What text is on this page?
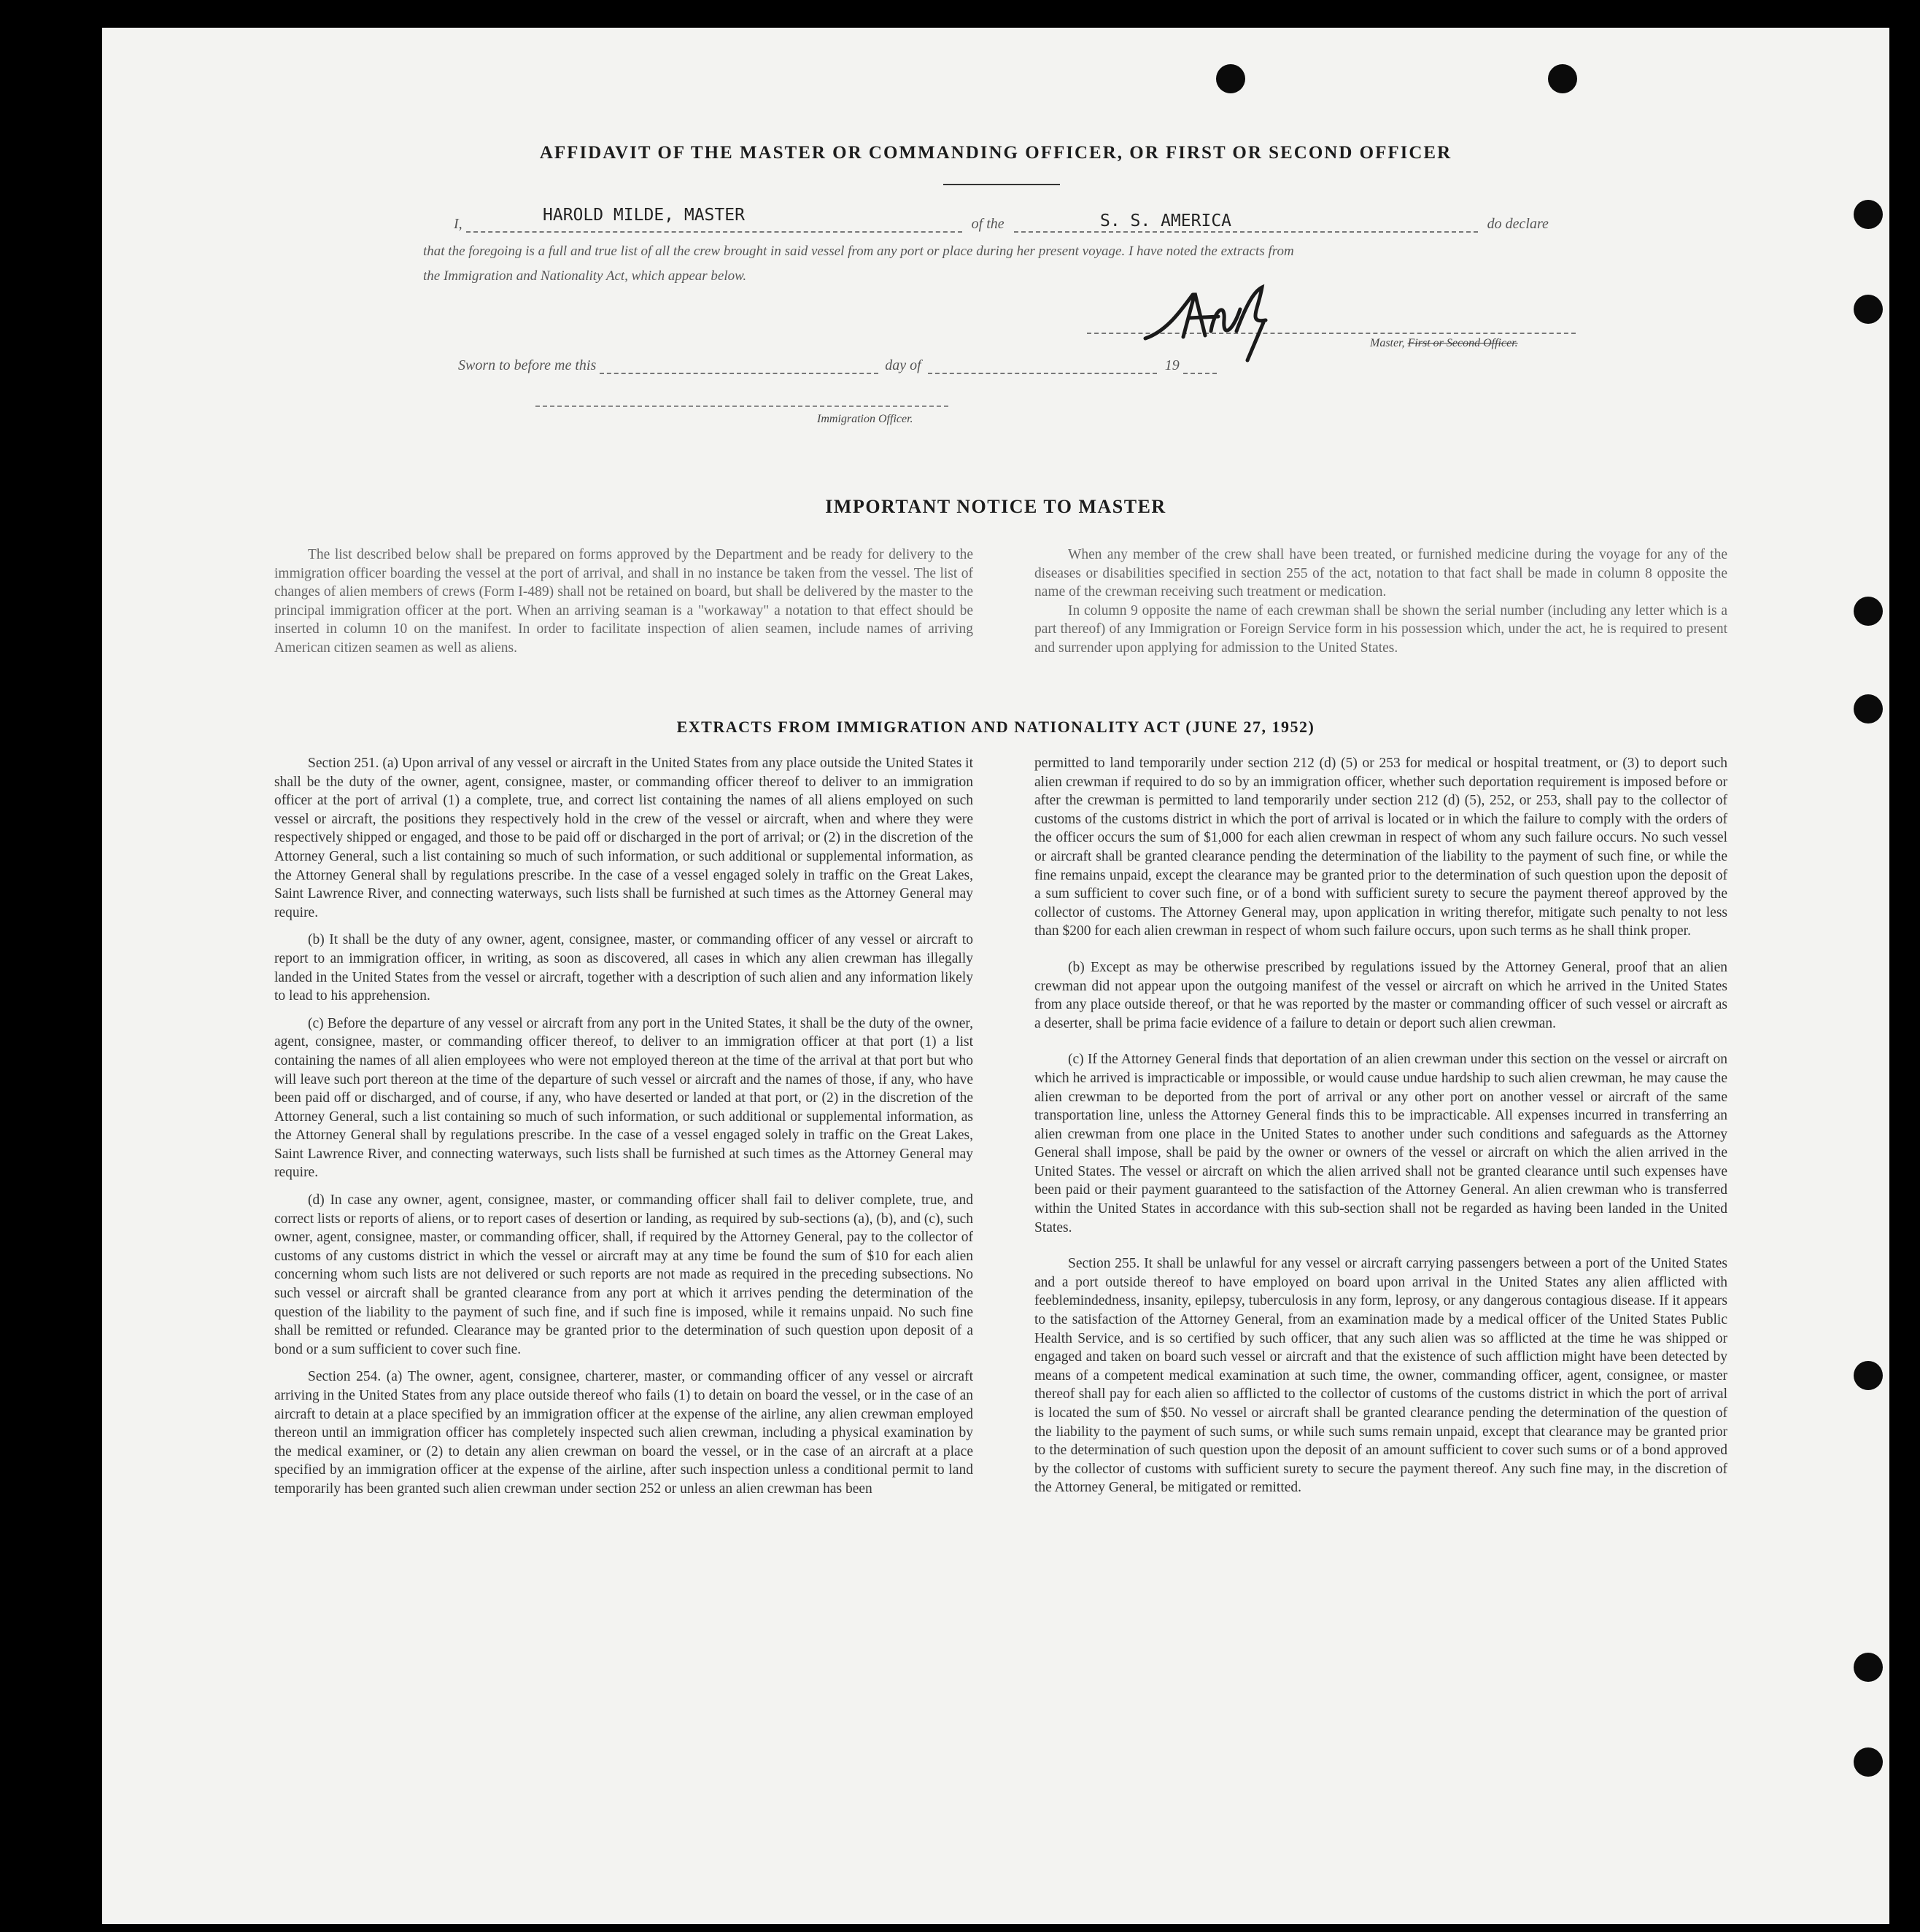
AFFIDAVIT OF THE MASTER OR COMMANDING OFFICER, OR FIRST OR SECOND OFFICER
I,	of the	do declare
HAROLD MILDE, MASTER	S. S. AMERICA
that the foregoing is a full and true list of all the crew brought in said vessel from any port or place during her present voyage. I have noted the extracts from
the Immigration and Nationality Act, which appear below.
Master, First or Second Officer.
Sworn to before me this	day of	19
Immigration Officer.
IMPORTANT NOTICE TO MASTER

The list described below shall be prepared on forms approved by the Department and be ready for delivery to the immigration officer boarding the vessel at the port of arrival, and shall in no instance be taken from the vessel. The list of changes of alien members of crews (Form I-489) shall not be retained on board, but shall be delivered by the master to the principal immigration officer at the port. When an arriving seaman is a "workaway" a notation to that effect should be inserted in column 10 on the manifest. In order to facilitate inspection of alien seamen, include names of arriving American citizen seamen as well as aliens.

When any member of the crew shall have been treated, or furnished medicine during the voyage for any of the diseases or disabilities specified in section 255 of the act, notation to that fact shall be made in column 8 opposite the name of the crewman receiving such treatment or medication.

In column 9 opposite the name of each crewman shall be shown the serial number (including any letter which is a part thereof) of any Immigration or Foreign Service form in his possession which, under the act, he is required to present and surrender upon applying for admission to the United States.

EXTRACTS FROM IMMIGRATION AND NATIONALITY ACT (JUNE 27, 1952)

Section 251. (a) Upon arrival of any vessel or aircraft in the United States from any place outside the United States it shall be the duty of the owner, agent, consignee, master, or commanding officer thereof to deliver to an immigration officer at the port of arrival (1) a complete, true, and correct list containing the names of all aliens employed on such vessel or aircraft, the positions they respectively hold in the crew of the vessel or aircraft, when and where they were respectively shipped or engaged, and those to be paid off or discharged in the port of arrival; or (2) in the discretion of the Attorney General, such a list containing so much of such information, or such additional or supplemental information, as the Attorney General shall by regulations prescribe. In the case of a vessel engaged solely in traffic on the Great Lakes, Saint Lawrence River, and connecting waterways, such lists shall be furnished at such times as the Attorney General may require.

(b) It shall be the duty of any owner, agent, consignee, master, or commanding officer of any vessel or aircraft to report to an immigration officer, in writing, as soon as discovered, all cases in which any alien crewman has illegally landed in the United States from the vessel or aircraft, together with a description of such alien and any information likely to lead to his apprehension.

(c) Before the departure of any vessel or aircraft from any port in the United States, it shall be the duty of the owner, agent, consignee, master, or commanding officer thereof, to deliver to an immigration officer at that port (1) a list containing the names of all alien employees who were not employed thereon at the time of the arrival at that port but who will leave such port thereon at the time of the departure of such vessel or aircraft and the names of those, if any, who have been paid off or discharged, and of course, if any, who have deserted or landed at that port, or (2) in the discretion of the Attorney General, such a list containing so much of such information, or such additional or supplemental information, as the Attorney General shall by regulations prescribe. In the case of a vessel engaged solely in traffic on the Great Lakes, Saint Lawrence River, and connecting waterways, such lists shall be furnished at such times as the Attorney General may require.

(d) In case any owner, agent, consignee, master, or commanding officer shall fail to deliver complete, true, and correct lists or reports of aliens, or to report cases of desertion or landing, as required by sub-sections (a), (b), and (c), such owner, agent, consignee, master, or commanding officer, shall, if required by the Attorney General, pay to the collector of customs of any customs district in which the vessel or aircraft may at any time be found the sum of $10 for each alien concerning whom such lists are not delivered or such reports are not made as required in the preceding subsections. No such vessel or aircraft shall be granted clearance from any port at which it arrives pending the determination of the question of the liability to the payment of such fine, and if such fine is imposed, while it remains unpaid. No such fine shall be remitted or refunded. Clearance may be granted prior to the determination of such question upon deposit of a bond or a sum sufficient to cover such fine.

Section 254. (a) The owner, agent, consignee, charterer, master, or commanding officer of any vessel or aircraft arriving in the United States from any place outside thereof who fails (1) to detain on board the vessel, or in the case of an aircraft to detain at a place specified by an immigration officer at the expense of the airline, any alien crewman employed thereon until an immigration officer has completely inspected such alien crewman, including a physical examination by the medical examiner, or (2) to detain any alien crewman on board the vessel, or in the case of an aircraft at a place specified by an immigration officer at the expense of the airline, after such inspection unless a conditional permit to land temporarily has been granted such alien crewman under section 252 or unless an alien crewman has been

permitted to land temporarily under section 212 (d) (5) or 253 for medical or hospital treatment, or (3) to deport such alien crewman if required to do so by an immigration officer, whether such deportation requirement is imposed before or after the crewman is permitted to land temporarily under section 212 (d) (5), 252, or 253, shall pay to the collector of customs of the customs district in which the port of arrival is located or in which the failure to comply with the orders of the officer occurs the sum of $1,000 for each alien crewman in respect of whom any such failure occurs. No such vessel or aircraft shall be granted clearance pending the determination of the liability to the payment of such fine, or while the fine remains unpaid, except the clearance may be granted prior to the determination of such question upon the deposit of a sum sufficient to cover such fine, or of a bond with sufficient surety to secure the payment thereof approved by the collector of customs. The Attorney General may, upon application in writing therefor, mitigate such penalty to not less than $200 for each alien crewman in respect of whom such failure occurs, upon such terms as he shall think proper.

(b) Except as may be otherwise prescribed by regulations issued by the Attorney General, proof that an alien crewman did not appear upon the outgoing manifest of the vessel or aircraft on which he arrived in the United States from any place outside thereof, or that he was reported by the master or commanding officer of such vessel or aircraft as a deserter, shall be prima facie evidence of a failure to detain or deport such alien crewman.

(c) If the Attorney General finds that deportation of an alien crewman under this section on the vessel or aircraft on which he arrived is impracticable or impossible, or would cause undue hardship to such alien crewman, he may cause the alien crewman to be deported from the port of arrival or any other port on another vessel or aircraft of the same transportation line, unless the Attorney General finds this to be impracticable. All expenses incurred in transferring an alien crewman from one place in the United States to another under such conditions and safeguards as the Attorney General shall impose, shall be paid by the owner or owners of the vessel or aircraft on which the alien arrived in the United States. The vessel or aircraft on which the alien arrived shall not be granted clearance until such expenses have been paid or their payment guaranteed to the satisfaction of the Attorney General. An alien crewman who is transferred within the United States in accordance with this sub-section shall not be regarded as having been landed in the United States.

Section 255. It shall be unlawful for any vessel or aircraft carrying passengers between a port of the United States and a port outside thereof to have employed on board upon arrival in the United States any alien afflicted with feeblemindedness, insanity, epilepsy, tuberculosis in any form, leprosy, or any dangerous contagious disease. If it appears to the satisfaction of the Attorney General, from an examination made by a medical officer of the United States Public Health Service, and is so certified by such officer, that any such alien was so afflicted at the time he was shipped or engaged and taken on board such vessel or aircraft and that the existence of such affliction might have been detected by means of a competent medical examination at such time, the owner, commanding officer, agent, consignee, or master thereof shall pay for each alien so afflicted to the collector of customs of the customs district in which the port of arrival is located the sum of $50. No vessel or aircraft shall be granted clearance pending the determination of the question of the liability to the payment of such sums, or while such sums remain unpaid, except that clearance may be granted prior to the determination of such question upon the deposit of an amount sufficient to cover such sums or of a bond approved by the collector of customs with sufficient surety to secure the payment thereof. Any such fine may, in the discretion of the Attorney General, be mitigated or remitted.
